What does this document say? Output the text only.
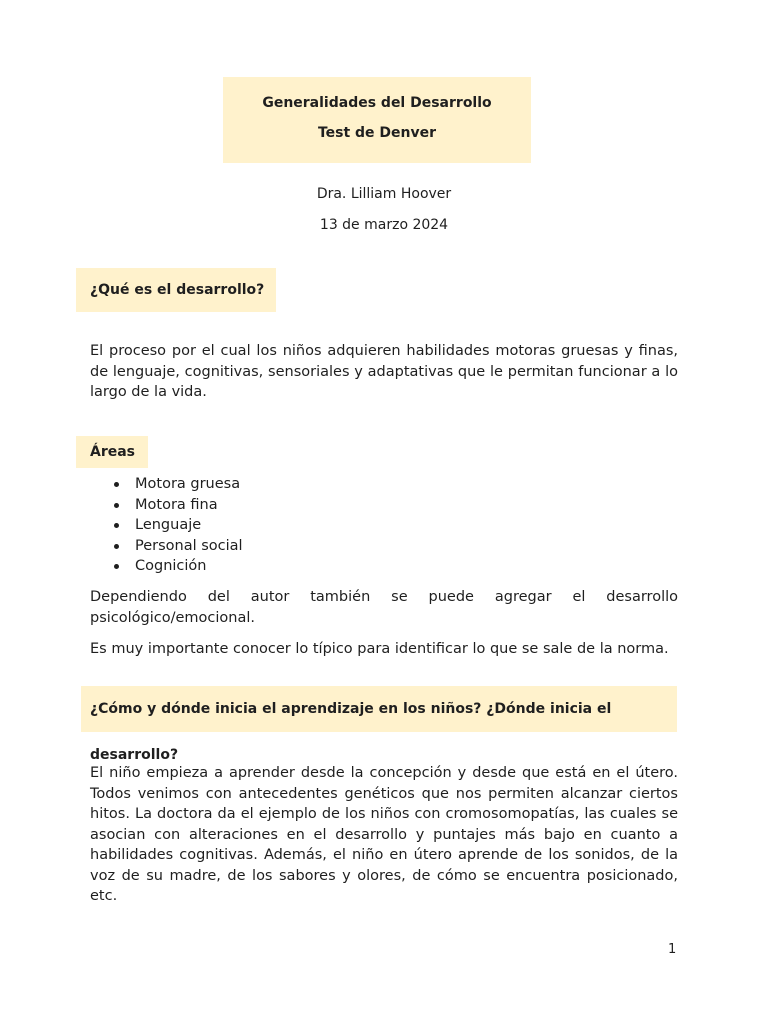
Generalidades del Desarrollo
Test de Denver
Dra. Lilliam Hoover
13 de marzo 2024
¿Qué es el desarrollo?

El proceso por el cual los niños adquieren habilidades motoras gruesas y finas, de lenguaje, cognitivas, sensoriales y adaptativas que le permitan funcionar a lo largo de la vida.

Áreas
Motora gruesa
Motora fina
Lenguaje
Personal social
Cognición

Dependiendo del autor también se puede agregar el desarrollo psicológico/emocional.

Es muy importante conocer lo típico para identificar lo que se sale de la norma.

¿Cómo y dónde inicia el aprendizaje en los niños? ¿Dónde inicia el desarrollo?

El niño empieza a aprender desde la concepción y desde que está en el útero. Todos venimos con antecedentes genéticos que nos permiten alcanzar ciertos hitos. La doctora da el ejemplo de los niños con cromosomopatías, las cuales se asocian con alteraciones en el desarrollo y puntajes más bajo en cuanto a habilidades cognitivas. Además, el niño en útero aprende de los sonidos, de la voz de su madre, de los sabores y olores, de cómo se encuentra posicionado, etc.

1
